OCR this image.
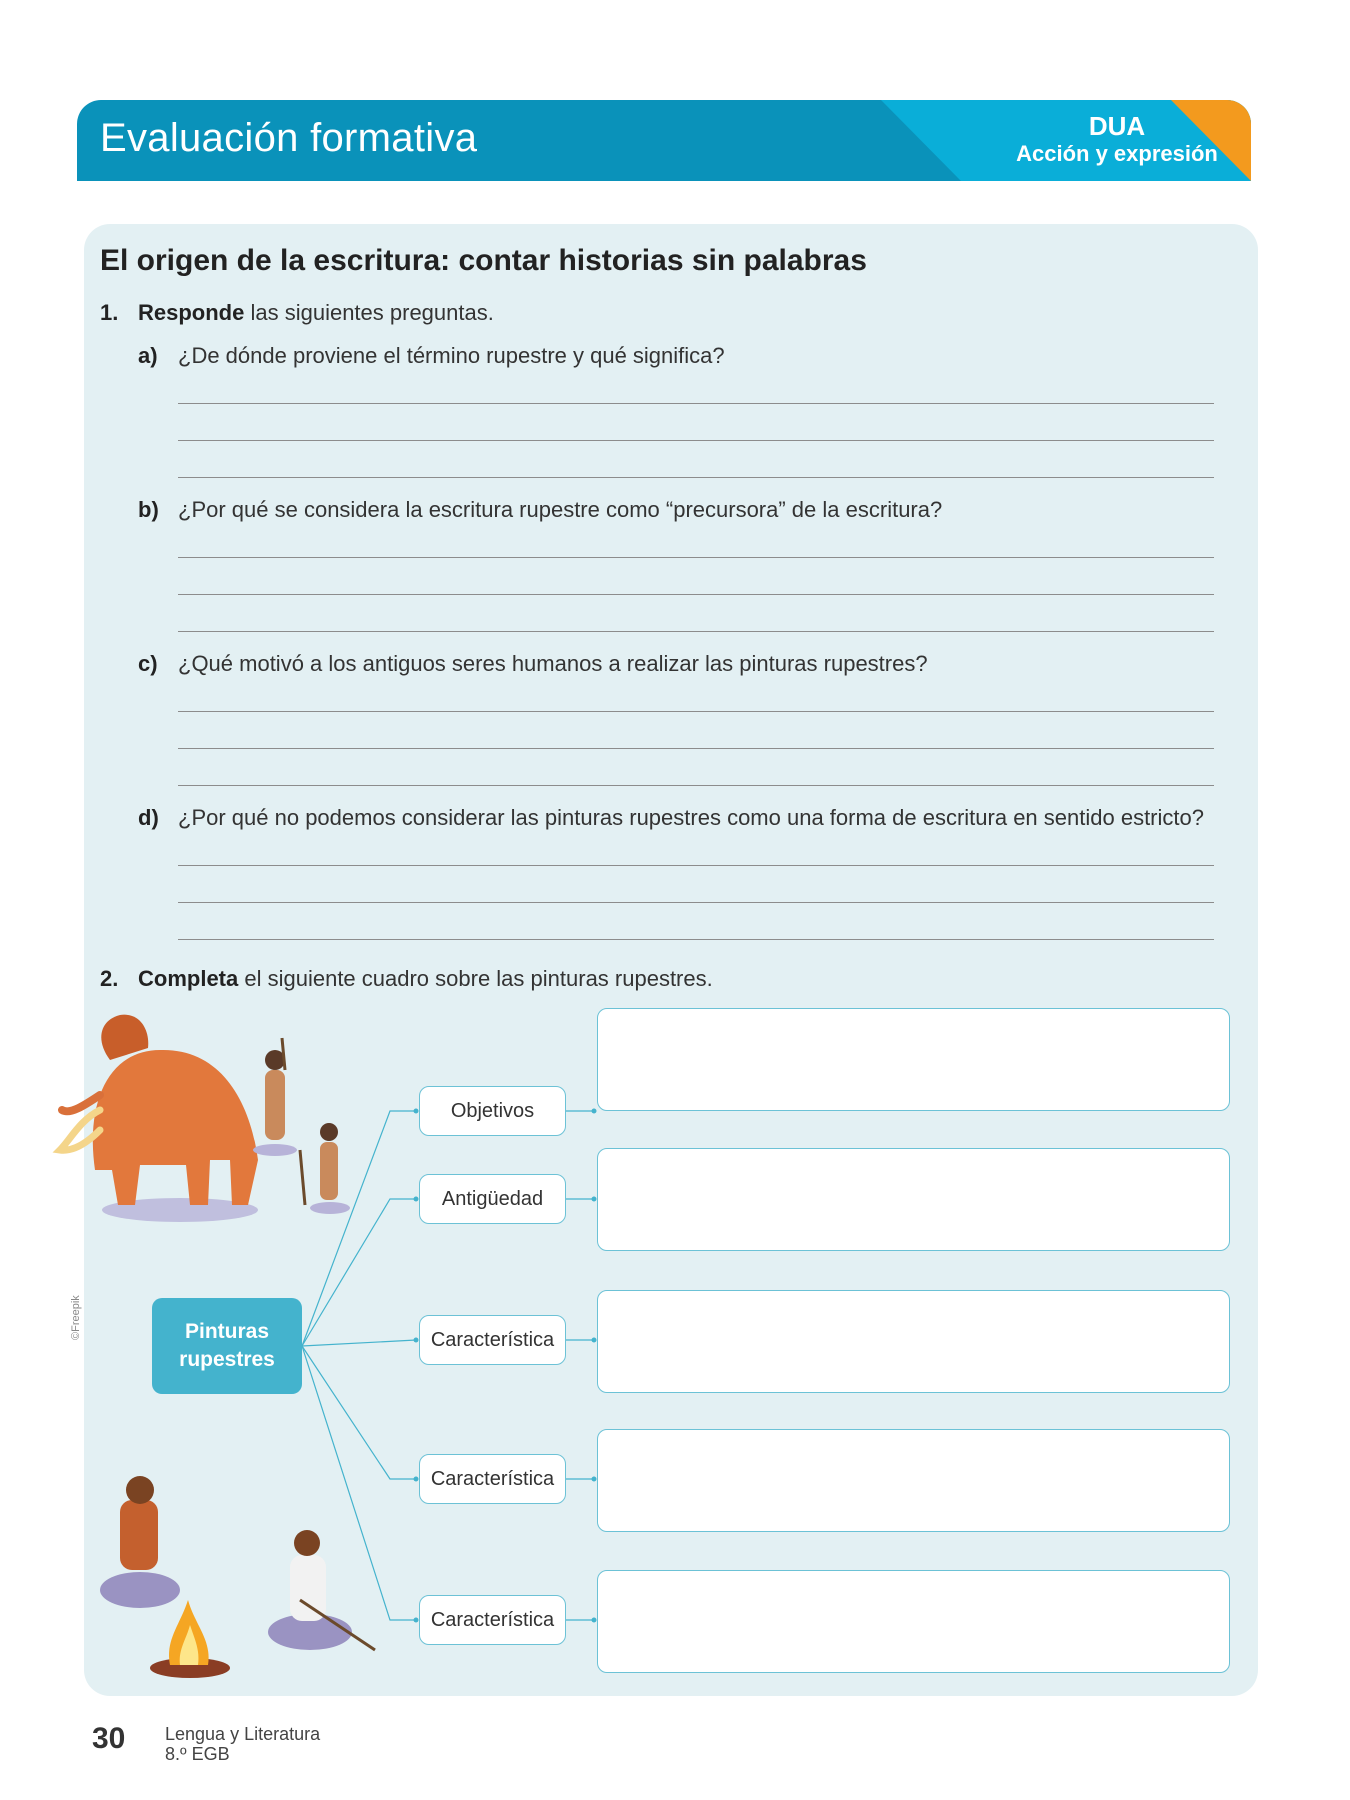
Evaluación formativa	DUA
Acción y expresión
El origen de la escritura: contar historias sin palabras
1. Responde las siguientes preguntas.
a) ¿De dónde proviene el término rupestre y qué significa?
b) ¿Por qué se considera la escritura rupestre como “precursora” de la escritura?
c) ¿Qué motivó a los antiguos seres humanos a realizar las pinturas rupestres?
d) ¿Por qué no podemos considerar las pinturas rupestres como una forma de escritura en sentido estricto?
2. Completa el siguiente cuadro sobre las pinturas rupestres.
©Freepik	Pinturas
rupestres
Objetivos
Antigüedad
Característica
Característica
Característica
30 Lengua y Literatura
8.º EGB
